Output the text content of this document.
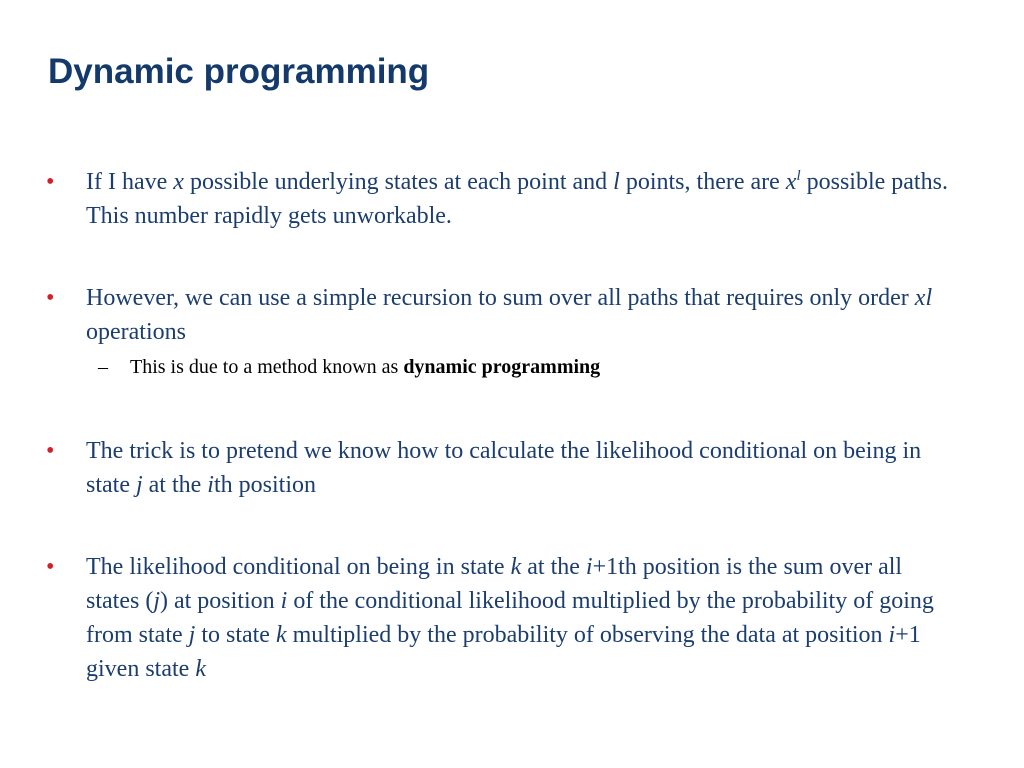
Dynamic programming
• If I have x possible underlying states at each point and l points, there are $x^l$ possible paths. This number rapidly gets unworkable.
• However, we can use a simple recursion to sum over all paths that requires only order xl operations
– This is due to a method known as dynamic programming
• The trick is to pretend we know how to calculate the likelihood conditional on being in state j at the ith position
• The likelihood conditional on being in state k at the i+1th position is the sum over all states (j) at position i of the conditional likelihood multiplied by the probability of going from state j to state k multiplied by the probability of observing the data at position i+1 given state k
